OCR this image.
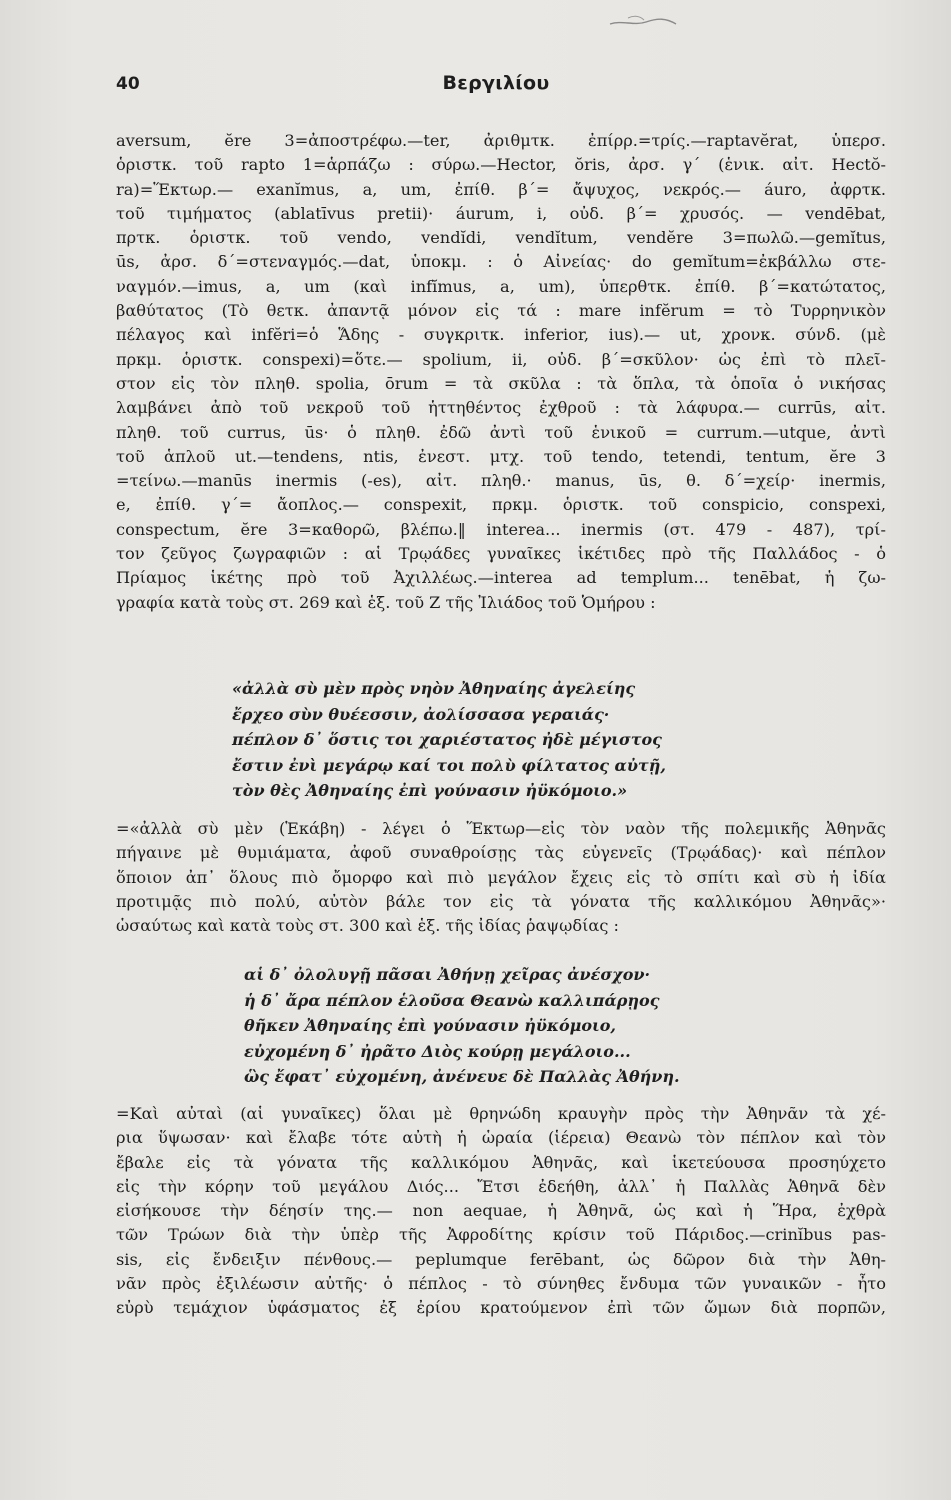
40	Βεργιλίου
aversum, ĕre 3=ἀποστρέφω.—ter, ἀριθμτκ. ἐπίρρ.=τρίς.—raptavĕrat, ὑπερσ.
ὁριστκ. τοῦ rapto 1=ἁρπάζω : σύρω.—Hector, ŏris, ἀρσ. γ΄ (ἑνικ. αἰτ. Hectŏ-
ra)=Ἕκτωρ.— exanĭmus, a, um, ἐπίθ. β΄= ἄψυχος, νεκρός.— áuro, ἀφρτκ.
τοῦ τιμήματος (ablatīvus pretii)· áurum, i, οὐδ. β΄= χρυσός. — vendēbat,
πρτκ. ὁριστκ. τοῦ vendo, vendĭdi, vendĭtum, vendĕre 3=πωλῶ.—gemĭtus,
ūs, ἀρσ. δ΄=στεναγμός.—dat, ὑποκμ. : ὁ Αἰνείας· do gemĭtum=ἐκβάλλω στε-
ναγμόν.—imus, a, um (καὶ infĭmus, a, um), ὑπερθτκ. ἐπίθ. β΄=κατώτατος,
βαθύτατος (Τὸ θετκ. ἀπαντᾷ μόνον εἰς τά : mare infĕrum = τὸ Τυρρηνικὸν
πέλαγος καὶ infĕri=ὁ Ἅδης - συγκριτκ. inferior, ius).— ut, χρονκ. σύνδ. (μὲ
πρκμ. ὁριστκ. conspexi)=ὅτε.— spolium, ii, οὐδ. β΄=σκῦλον· ὡς ἐπὶ τὸ πλεῖ-
στον εἰς τὸν πληθ. spolia, ōrum = τὰ σκῦλα : τὰ ὅπλα, τὰ ὁποῖα ὁ νικήσας
λαμβάνει ἀπὸ τοῦ νεκροῦ τοῦ ἡττηθέντος ἐχθροῦ : τὰ λάφυρα.— currūs, αἰτ.
πληθ. τοῦ currus, ūs· ὁ πληθ. ἐδῶ ἀντὶ τοῦ ἑνικοῦ = currum.—utque, ἀντὶ
τοῦ ἁπλοῦ ut.—tendens, ntis, ἐνεστ. μτχ. τοῦ tendo, tetendi, tentum, ĕre 3
=τείνω.—manūs inermis (-es), αἰτ. πληθ.· manus, ūs, θ. δ΄=χείρ· inermis,
e, ἐπίθ. γ΄= ἄοπλος.— conspexit, πρκμ. ὁριστκ. τοῦ conspicio, conspexi,
conspectum, ĕre 3=καθορῶ, βλέπω.‖ interea... inermis (στ. 479 - 487), τρί-
τον ζεῦγος ζωγραφιῶν : αἱ Τρῳάδες γυναῖκες ἱκέτιδες πρὸ τῆς Παλλάδος - ὁ
Πρίαμος ἱκέτης πρὸ τοῦ Ἀχιλλέως.—interea ad templum... tenēbat, ἡ ζω-
γραφία κατὰ τοὺς στ. 269 καὶ ἑξ. τοῦ Ζ τῆς Ἰλιάδος τοῦ Ὁμήρου :
«ἀλλὰ σὺ μὲν πρὸς νηὸν Ἀθηναίης ἀγελείης
ἔρχεο σὺν θυέεσσιν, ἀολίσσασα γεραιάς·
πέπλον δ᾽ ὅστις τοι χαριέστατος ἠδὲ μέγιστος
ἔστιν ἐνὶ μεγάρῳ καί τοι πολὺ φίλτατος αὐτῇ,
τὸν θὲς Ἀθηναίης ἐπὶ γούνασιν ἠϋκόμοιο.»
=«ἀλλὰ σὺ μὲν (Ἑκάβη) - λέγει ὁ Ἕκτωρ—εἰς τὸν ναὸν τῆς πολεμικῆς Ἀθηνᾶς
πήγαινε μὲ θυμιάματα, ἀφοῦ συναθροίσῃς τὰς εὐγενεῖς (Τρῳάδας)· καὶ πέπλον
ὅποιον ἀπ᾽ ὅλους πιὸ ὄμορφο καὶ πιὸ μεγάλον ἔχεις εἰς τὸ σπίτι καὶ σὺ ἡ ἰδία
προτιμᾷς πιὸ πολύ, αὐτὸν βάλε τον εἰς τὰ γόνατα τῆς καλλικόμου Ἀθηνᾶς»·
ὡσαύτως καὶ κατὰ τοὺς στ. 300 καὶ ἑξ. τῆς ἰδίας ῥαψῳδίας :
αἱ δ᾽ ὀλολυγῇ πᾶσαι Ἀθήνῃ χεῖρας ἀνέσχον·
ἡ δ᾽ ἄρα πέπλον ἑλοῦσα Θεανὼ καλλιπάρῃος
θῆκεν Ἀθηναίης ἐπὶ γούνασιν ἠϋκόμοιο,
εὐχομένη δ᾽ ἠρᾶτο Διὸς κούρῃ μεγάλοιο...
ὣς ἔφατ᾽ εὐχομένη, ἀνένευε δὲ Παλλὰς Ἀθήνη.
=Καὶ αὐταὶ (αἱ γυναῖκες) ὅλαι μὲ θρηνώδη κραυγὴν πρὸς τὴν Ἀθηνᾶν τὰ χέ-
ρια ὕψωσαν· καὶ ἔλαβε τότε αὐτὴ ἡ ὡραία (ἱέρεια) Θεανὼ τὸν πέπλον καὶ τὸν
ἔβαλε εἰς τὰ γόνατα τῆς καλλικόμου Ἀθηνᾶς, καὶ ἱκετεύουσα προσηύχετο
εἰς τὴν κόρην τοῦ μεγάλου Διός... Ἔτσι ἐδεήθη, ἀλλ᾽ ἡ Παλλὰς Ἀθηνᾶ δὲν
εἰσήκουσε τὴν δέησίν της.— non aequae, ἡ Ἀθηνᾶ, ὡς καὶ ἡ Ἥρα, ἐχθρὰ
τῶν Τρώων διὰ τὴν ὑπὲρ τῆς Ἀφροδίτης κρίσιν τοῦ Πάριδος.—crinĭbus pas-
sis, εἰς ἔνδειξιν πένθους.— peplumque ferēbant, ὡς δῶρον διὰ τὴν Ἀθη-
νᾶν πρὸς ἐξιλέωσιν αὐτῆς· ὁ πέπλος - τὸ σύνηθες ἔνδυμα τῶν γυναικῶν - ἦτο
εὐρὺ τεμάχιον ὑφάσματος ἐξ ἐρίου κρατούμενον ἐπὶ τῶν ὤμων διὰ πορπῶν,
